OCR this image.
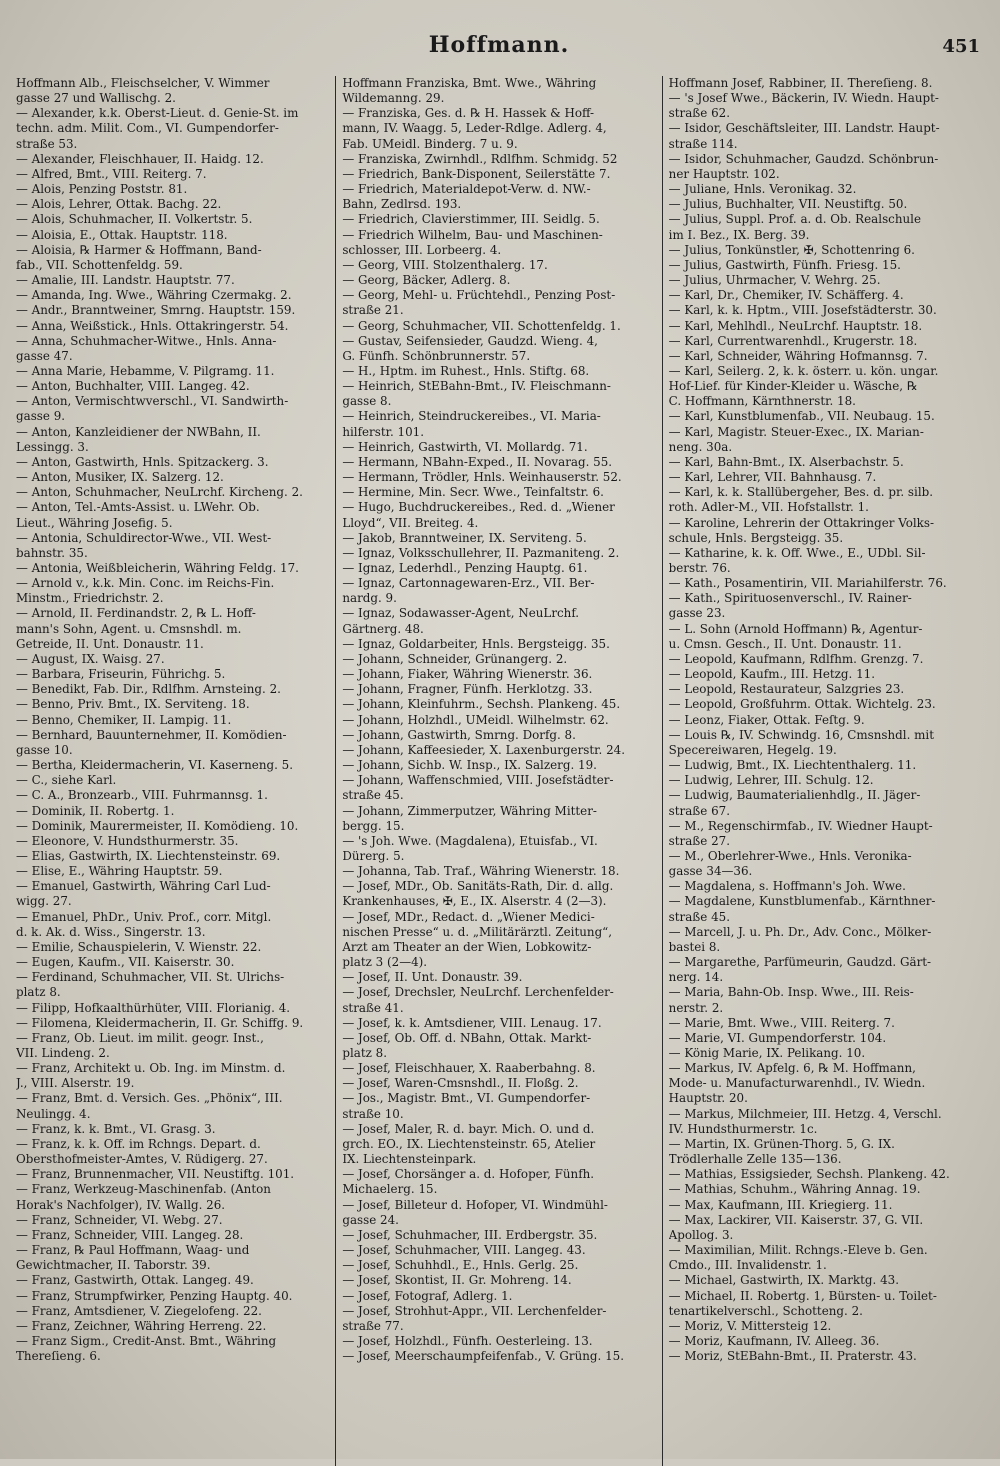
Hoffmann.	451
Hoffmann Alb., Fleischselcher, V. Wimmer
gasse 27 und Wallischg. 2.
— Alexander, k.k. Oberst-Lieut. d. Genie-St. im
techn. adm. Milit. Com., VI. Gumpendorfer-
straße 53.
— Alexander, Fleischhauer, II. Haidg. 12.
— Alfred, Bmt., VIII. Reiterg. 7.
— Alois, Penzing Poststr. 81.
— Alois, Lehrer, Ottak. Bachg. 22.
— Alois, Schuhmacher, II. Volkertstr. 5.
— Aloisia, E., Ottak. Hauptstr. 118.
— Aloisia, ℞ Harmer & Hoffmann, Band-
fab., VII. Schottenfeldg. 59.
— Amalie, III. Landstr. Hauptstr. 77.
— Amanda, Ing. Wwe., Währing Czermakg. 2.
— Andr., Branntweiner, Smrng. Hauptstr. 159.
— Anna, Weißstick., Hnls. Ottakringerstr. 54.
— Anna, Schuhmacher-Witwe., Hnls. Anna-
gasse 47.
— Anna Marie, Hebamme, V. Pilgramg. 11.
— Anton, Buchhalter, VIII. Langeg. 42.
— Anton, Vermischtwverschl., VI. Sandwirth-
gasse 9.
— Anton, Kanzleidiener der NWBahn, II.
Lessingg. 3.
— Anton, Gastwirth, Hnls. Spitzackerg. 3.
— Anton, Musiker, IX. Salzerg. 12.
— Anton, Schuhmacher, NeuLrchf. Kircheng. 2.
— Anton, Tel.-Amts-Assist. u. LWehr. Ob.
Lieut., Währing Josefig. 5.
— Antonia, Schuldirector-Wwe., VII. West-
bahnstr. 35.
— Antonia, Weißbleicherin, Währing Feldg. 17.
— Arnold v., k.k. Min. Conc. im Reichs-Fin.
Minstm., Friedrichstr. 2.
— Arnold, II. Ferdinandstr. 2, ℞ L. Hoff-
mann's Sohn, Agent. u. Cmsnshdl. m.
Getreide, II. Unt. Donaustr. 11.
— August, IX. Waisg. 27.
— Barbara, Friseurin, Führichg. 5.
— Benedikt, Fab. Dir., Rdlfhm. Arnsteing. 2.
— Benno, Priv. Bmt., IX. Serviteng. 18.
— Benno, Chemiker, II. Lampig. 11.
— Bernhard, Bauunternehmer, II. Komödien-
gasse 10.
— Bertha, Kleidermacherin, VI. Kaserneng. 5.
— C., siehe Karl.
— C. A., Bronzearb., VIII. Fuhrmannsg. 1.
— Dominik, II. Robertg. 1.
— Dominik, Maurermeister, II. Komödieng. 10.
— Eleonore, V. Hundsthurmerstr. 35.
— Elias, Gastwirth, IX. Liechtensteinstr. 69.
— Elise, E., Währing Hauptstr. 59.
— Emanuel, Gastwirth, Währing Carl Lud-
wigg. 27.
— Emanuel, PhDr., Univ. Prof., corr. Mitgl.
d. k. Ak. d. Wiss., Singerstr. 13.
— Emilie, Schauspielerin, V. Wienstr. 22.
— Eugen, Kaufm., VII. Kaiserstr. 30.
— Ferdinand, Schuhmacher, VII. St. Ulrichs-
platz 8.
— Filipp, Hofkaalthürhüter, VIII. Florianig. 4.
— Filomena, Kleidermacherin, II. Gr. Schiffg. 9.
— Franz, Ob. Lieut. im milit. geogr. Inst.,
VII. Lindeng. 2.
— Franz, Architekt u. Ob. Ing. im Minstm. d.
J., VIII. Alserstr. 19.
— Franz, Bmt. d. Versich. Ges. „Phönix“, III.
Neulingg. 4.
— Franz, k. k. Bmt., VI. Grasg. 3.
— Franz, k. k. Off. im Rchngs. Depart. d.
Obersthofmeister-Amtes, V. Rüdigerg. 27.
— Franz, Brunnenmacher, VII. Neustiftg. 101.
— Franz, Werkzeug-Maschinenfab. (Anton
Horak's Nachfolger), IV. Wallg. 26.
— Franz, Schneider, VI. Webg. 27.
— Franz, Schneider, VIII. Langeg. 28.
— Franz, ℞ Paul Hoffmann, Waag- und
Gewichtmacher, II. Taborstr. 39.
— Franz, Gastwirth, Ottak. Langeg. 49.
— Franz, Strumpfwirker, Penzing Hauptg. 40.
— Franz, Amtsdiener, V. Ziegelofeng. 22.
— Franz, Zeichner, Währing Herreng. 22.
— Franz Sigm., Credit-Anst. Bmt., Währing
Thereſieng. 6.
Hoffmann Franziska, Bmt. Wwe., Währing
Wildemanng. 29.
— Franziska, Ges. d. ℞ H. Hassek & Hoff-
mann, IV. Waagg. 5, Leder-Rdlge. Adlerg. 4,
Fab. UMeidl. Binderg. 7 u. 9.
— Franziska, Zwirnhdl., Rdlfhm. Schmidg. 52
— Friedrich, Bank-Disponent, Seilerstätte 7.
— Friedrich, Materialdepot-Verw. d. NW.-
Bahn, Zedlrsd. 193.
— Friedrich, Clavierstimmer, III. Seidlg. 5.
— Friedrich Wilhelm, Bau- und Maschinen-
schlosser, III. Lorbeerg. 4.
— Georg, VIII. Stolzenthalerg. 17.
— Georg, Bäcker, Adlerg. 8.
— Georg, Mehl- u. Früchtehdl., Penzing Post-
straße 21.
— Georg, Schuhmacher, VII. Schottenfeldg. 1.
— Gustav, Seifensieder, Gaudzd. Wieng. 4,
G. Fünfh. Schönbrunnerstr. 57.
— H., Hptm. im Ruhest., Hnls. Stiftg. 68.
— Heinrich, StEBahn-Bmt., IV. Fleischmann-
gasse 8.
— Heinrich, Steindruckereibes., VI. Maria-
hilferstr. 101.
— Heinrich, Gastwirth, VI. Mollardg. 71.
— Hermann, NBahn-Exped., II. Novarag. 55.
— Hermann, Trödler, Hnls. Weinhauserstr. 52.
— Hermine, Min. Secr. Wwe., Teinfaltstr. 6.
— Hugo, Buchdruckereibes., Red. d. „Wiener
Lloyd“, VII. Breiteg. 4.
— Jakob, Branntweiner, IX. Serviteng. 5.
— Ignaz, Volksschullehrer, II. Pazmaniteng. 2.
— Ignaz, Lederhdl., Penzing Hauptg. 61.
— Ignaz, Cartonnagewaren-Erz., VII. Ber-
nardg. 9.
— Ignaz, Sodawasser-Agent, NeuLrchf.
Gärtnerg. 48.
— Ignaz, Goldarbeiter, Hnls. Bergsteigg. 35.
— Johann, Schneider, Grünangerg. 2.
— Johann, Fiaker, Währing Wienerstr. 36.
— Johann, Fragner, Fünfh. Herklotzg. 33.
— Johann, Kleinfuhrm., Sechsh. Plankeng. 45.
— Johann, Holzhdl., UMeidl. Wilhelmstr. 62.
— Johann, Gastwirth, Smrng. Dorfg. 8.
— Johann, Kaffeesieder, X. Laxenburgerstr. 24.
— Johann, Sichb. W. Insp., IX. Salzerg. 19.
— Johann, Waffenschmied, VIII. Josefstädter-
straße 45.
— Johann, Zimmerputzer, Währing Mitter-
bergg. 15.
— 's Joh. Wwe. (Magdalena), Etuisfab., VI.
Dürerg. 5.
— Johanna, Tab. Traf., Währing Wienerstr. 18.
— Josef, MDr., Ob. Sanitäts-Rath, Dir. d. allg.
Krankenhauses, ✠, E., IX. Alserstr. 4 (2—3).
— Josef, MDr., Redact. d. „Wiener Medici-
nischen Presse“ u. d. „Militärärztl. Zeitung“,
Arzt am Theater an der Wien, Lobkowitz-
platz 3 (2—4).
— Josef, II. Unt. Donaustr. 39.
— Josef, Drechsler, NeuLrchf. Lerchenfelder-
straße 41.
— Josef, k. k. Amtsdiener, VIII. Lenaug. 17.
— Josef, Ob. Off. d. NBahn, Ottak. Markt-
platz 8.
— Josef, Fleischhauer, X. Raaberbahng. 8.
— Josef, Waren-Cmsnshdl., II. Floßg. 2.
— Jos., Magistr. Bmt., VI. Gumpendorfer-
straße 10.
— Josef, Maler, R. d. bayr. Mich. O. und d.
grch. EO., IX. Liechtensteinstr. 65, Atelier
IX. Liechtensteinpark.
— Josef, Chorsänger a. d. Hofoper, Fünfh.
Michaelerg. 15.
— Josef, Billeteur d. Hofoper, VI. Windmühl-
gasse 24.
— Josef, Schuhmacher, III. Erdbergstr. 35.
— Josef, Schuhmacher, VIII. Langeg. 43.
— Josef, Schuhhdl., E., Hnls. Gerlg. 25.
— Josef, Skontist, II. Gr. Mohreng. 14.
— Josef, Fotograf, Adlerg. 1.
— Josef, Strohhut-Appr., VII. Lerchenfelder-
straße 77.
— Josef, Holzhdl., Fünfh. Oesterleing. 13.
— Josef, Meerschaumpfeifenfab., V. Grüng. 15.
Hoffmann Josef, Rabbiner, II. Thereſieng. 8.
— 's Josef Wwe., Bäckerin, IV. Wiedn. Haupt-
straße 62.
— Isidor, Geschäftsleiter, III. Landstr. Haupt-
straße 114.
— Isidor, Schuhmacher, Gaudzd. Schönbrun-
ner Hauptstr. 102.
— Juliane, Hnls. Veronikag. 32.
— Julius, Buchhalter, VII. Neustiftg. 50.
— Julius, Suppl. Prof. a. d. Ob. Realschule
im I. Bez., IX. Berg. 39.
— Julius, Tonkünstler, ✠, Schottenring 6.
— Julius, Gastwirth, Fünfh. Friesg. 15.
— Julius, Uhrmacher, V. Wehrg. 25.
— Karl, Dr., Chemiker, IV. Schäfferg. 4.
— Karl, k. k. Hptm., VIII. Josefstädterstr. 30.
— Karl, Mehlhdl., NeuLrchf. Hauptstr. 18.
— Karl, Currentwarenhdl., Krugerstr. 18.
— Karl, Schneider, Währing Hofmannsg. 7.
— Karl, Seilerg. 2, k. k. österr. u. kön. ungar.
Hof-Lief. für Kinder-Kleider u. Wäsche, ℞
C. Hoffmann, Kärnthnerstr. 18.
— Karl, Kunstblumenfab., VII. Neubaug. 15.
— Karl, Magistr. Steuer-Exec., IX. Marian-
neng. 30a.
— Karl, Bahn-Bmt., IX. Alserbachstr. 5.
— Karl, Lehrer, VII. Bahnhausg. 7.
— Karl, k. k. Stallübergeher, Bes. d. pr. silb.
roth. Adler-M., VII. Hofstallstr. 1.
— Karoline, Lehrerin der Ottakringer Volks-
schule, Hnls. Bergsteigg. 35.
— Katharine, k. k. Off. Wwe., E., UDbl. Sil-
berstr. 76.
— Kath., Posamentirin, VII. Mariahilferstr. 76.
— Kath., Spirituosenverschl., IV. Rainer-
gasse 23.
— L. Sohn (Arnold Hoffmann) ℞, Agentur-
u. Cmsn. Gesch., II. Unt. Donaustr. 11.
— Leopold, Kaufmann, Rdlfhm. Grenzg. 7.
— Leopold, Kaufm., III. Hetzg. 11.
— Leopold, Restaurateur, Salzgries 23.
— Leopold, Großfuhrm. Ottak. Wichtelg. 23.
— Leonz, Fiaker, Ottak. Feſtg. 9.
— Louis ℞, IV. Schwindg. 16, Cmsnshdl. mit
Specereiwaren, Hegelg. 19.
— Ludwig, Bmt., IX. Liechtenthalerg. 11.
— Ludwig, Lehrer, III. Schulg. 12.
— Ludwig, Baumaterialienhdlg., II. Jäger-
straße 67.
— M., Regenschirmfab., IV. Wiedner Haupt-
straße 27.
— M., Oberlehrer-Wwe., Hnls. Veronika-
gasse 34—36.
— Magdalena, s. Hoffmann's Joh. Wwe.
— Magdalene, Kunstblumenfab., Kärnthner-
straße 45.
— Marcell, J. u. Ph. Dr., Adv. Conc., Mölker-
bastei 8.
— Margarethe, Parfümeurin, Gaudzd. Gärt-
nerg. 14.
— Maria, Bahn-Ob. Insp. Wwe., III. Reis-
nerstr. 2.
— Marie, Bmt. Wwe., VIII. Reiterg. 7.
— Marie, VI. Gumpendorferstr. 104.
— König Marie, IX. Pelikang. 10.
— Markus, IV. Apfelg. 6, ℞ M. Hoffmann,
Mode- u. Manufacturwarenhdl., IV. Wiedn.
Hauptstr. 20.
— Markus, Milchmeier, III. Hetzg. 4, Verschl.
IV. Hundsthurmerstr. 1c.
— Martin, IX. Grünen-Thorg. 5, G. IX.
Trödlerhalle Zelle 135—136.
— Mathias, Essigsieder, Sechsh. Plankeng. 42.
— Mathias, Schuhm., Währing Annag. 19.
— Max, Kaufmann, III. Kriegierg. 11.
— Max, Lackirer, VII. Kaiserstr. 37, G. VII.
Apollog. 3.
— Maximilian, Milit. Rchngs.-Eleve b. Gen.
Cmdo., III. Invalidenstr. 1.
— Michael, Gastwirth, IX. Marktg. 43.
— Michael, II. Robertg. 1, Bürsten- u. Toilet-
tenartikelverschl., Schotteng. 2.
— Moriz, V. Mittersteig 12.
— Moriz, Kaufmann, IV. Alleeg. 36.
— Moriz, StEBahn-Bmt., II. Praterstr. 43.
